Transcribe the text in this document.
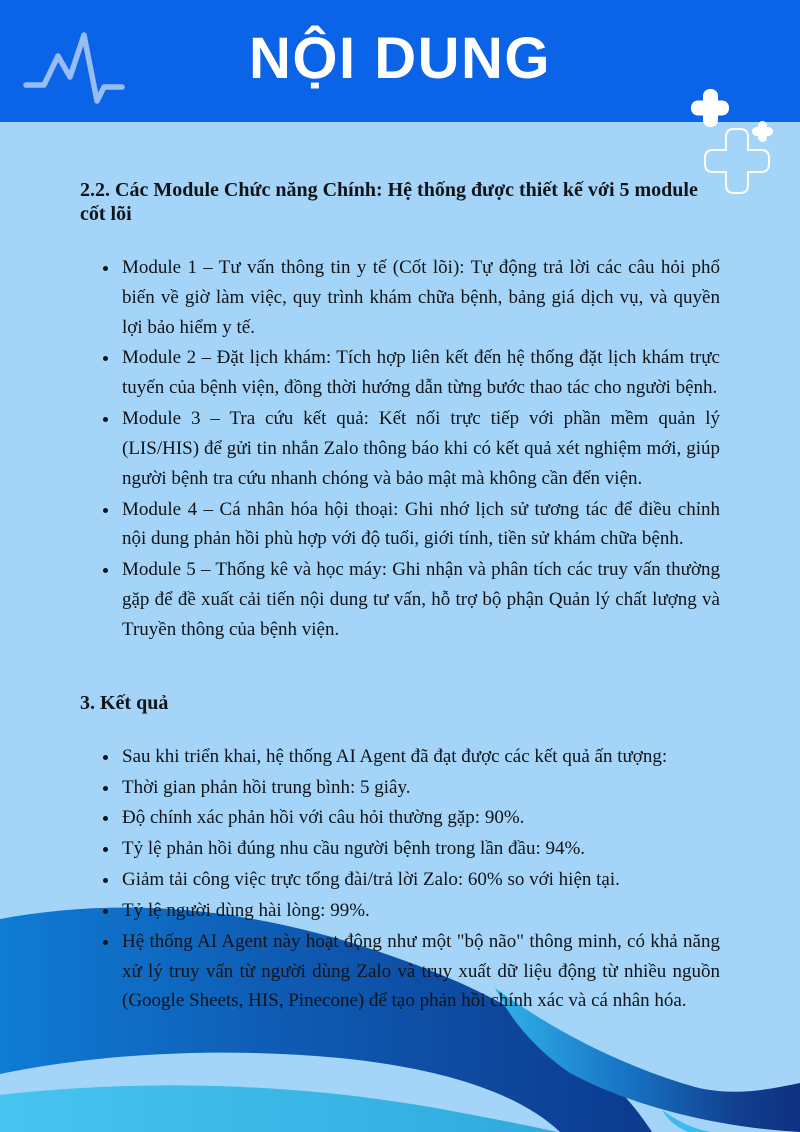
NỘI DUNG
2.2. Các Module Chức năng Chính: Hệ thống được thiết kế với 5 module cốt lõi
• Module 1 – Tư vấn thông tin y tế (Cốt lõi): Tự động trả lời các câu hỏi phổ biến về giờ làm việc, quy trình khám chữa bệnh, bảng giá dịch vụ, và quyền lợi bảo hiểm y tế.
• Module 2 – Đặt lịch khám: Tích hợp liên kết đến hệ thống đặt lịch khám trực tuyến của bệnh viện, đồng thời hướng dẫn từng bước thao tác cho người bệnh.
• Module 3 – Tra cứu kết quả: Kết nối trực tiếp với phần mềm quản lý (LIS/HIS) để gửi tin nhắn Zalo thông báo khi có kết quả xét nghiệm mới, giúp người bệnh tra cứu nhanh chóng và bảo mật mà không cần đến viện.
• Module 4 – Cá nhân hóa hội thoại: Ghi nhớ lịch sử tương tác để điều chỉnh nội dung phản hồi phù hợp với độ tuổi, giới tính, tiền sử khám chữa bệnh.
• Module 5 – Thống kê và học máy: Ghi nhận và phân tích các truy vấn thường gặp để đề xuất cải tiến nội dung tư vấn, hỗ trợ bộ phận Quản lý chất lượng và Truyền thông của bệnh viện.
3. Kết quả
• Sau khi triển khai, hệ thống AI Agent đã đạt được các kết quả ấn tượng:
• Thời gian phản hồi trung bình: 5 giây.
• Độ chính xác phản hồi với câu hỏi thường gặp: 90%.
• Tỷ lệ phản hồi đúng nhu cầu người bệnh trong lần đầu: 94%.
• Giảm tải công việc trực tổng đài/trả lời Zalo: 60% so với hiện tại.
• Tỷ lệ người dùng hài lòng: 99%.
• Hệ thống AI Agent này hoạt động như một "bộ não" thông minh, có khả năng xử lý truy vấn từ người dùng Zalo và truy xuất dữ liệu động từ nhiều nguồn (Google Sheets, HIS, Pinecone) để tạo phản hồi chính xác và cá nhân hóa.
